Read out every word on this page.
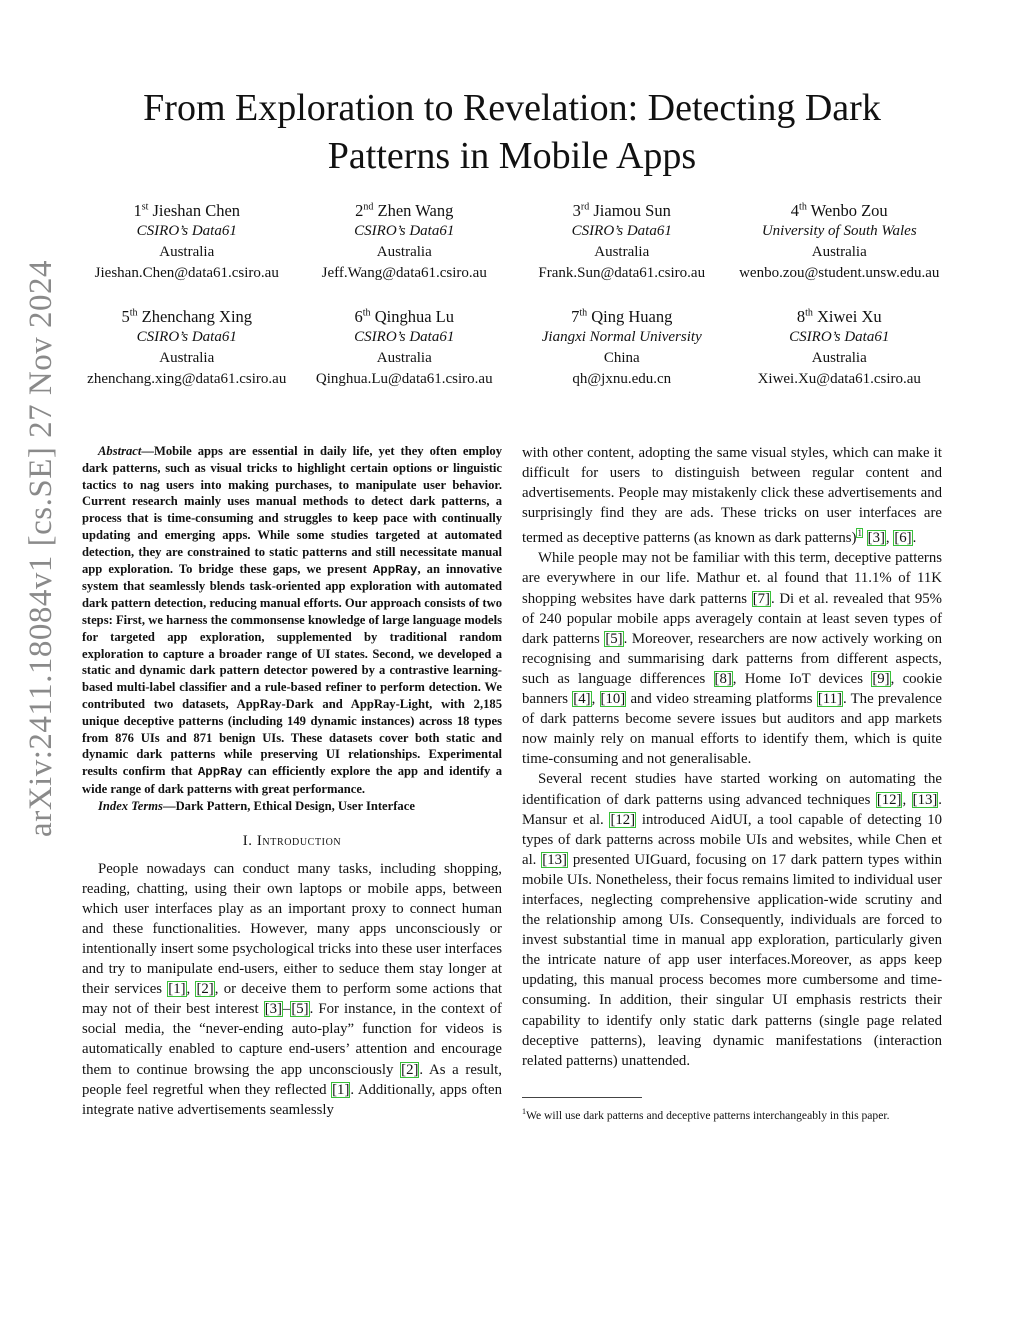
arXiv:2411.18084v1 [cs.SE] 27 Nov 2024
From Exploration to Revelation: Detecting Dark Patterns in Mobile Apps
1st Jieshan Chen
CSIRO’s Data61
Australia
Jieshan.Chen@data61.csiro.au
2nd Zhen Wang
CSIRO’s Data61
Australia
Jeff.Wang@data61.csiro.au
3rd Jiamou Sun
CSIRO’s Data61
Australia
Frank.Sun@data61.csiro.au
4th Wenbo Zou
University of South Wales
Australia
wenbo.zou@student.unsw.edu.au
5th Zhenchang Xing
CSIRO’s Data61
Australia
zhenchang.xing@data61.csiro.au
6th Qinghua Lu
CSIRO’s Data61
Australia
Qinghua.Lu@data61.csiro.au
7th Qing Huang
Jiangxi Normal University
China
qh@jxnu.edu.cn
8th Xiwei Xu
CSIRO’s Data61
Australia
Xiwei.Xu@data61.csiro.au

Abstract—Mobile apps are essential in daily life, yet they often employ dark patterns, such as visual tricks to highlight certain options or linguistic tactics to nag users into making purchases, to manipulate user behavior. Current research mainly uses manual methods to detect dark patterns, a process that is time-consuming and struggles to keep pace with continually updating and emerging apps. While some studies targeted at automated detection, they are constrained to static patterns and still necessitate manual app exploration. To bridge these gaps, we present AppRay, an innovative system that seamlessly blends task-oriented app exploration with automated dark pattern detection, reducing manual efforts. Our approach consists of two steps: First, we harness the commonsense knowledge of large language models for targeted app exploration, supplemented by traditional random exploration to capture a broader range of UI states. Second, we developed a static and dynamic dark pattern detector powered by a contrastive learning-based multi-label classifier and a rule-based refiner to perform detection. We contributed two datasets, AppRay-Dark and AppRay-Light, with 2,185 unique deceptive patterns (including 149 dynamic instances) across 18 types from 876 UIs and 871 benign UIs. These datasets cover both static and dynamic dark patterns while preserving UI relationships. Experimental results confirm that AppRay can efficiently explore the app and identify a wide range of dark patterns with great performance.

Index Terms—Dark Pattern, Ethical Design, User Interface

I. Introduction

People nowadays can conduct many tasks, including shopping, reading, chatting, using their own laptops or mobile apps, between which user interfaces play as an important proxy to connect human and these functionalities. However, many apps unconsciously or intentionally insert some psychological tricks into these user interfaces and try to manipulate end-users, either to seduce them stay longer at their services [1], [2], or deceive them to perform some actions that may not of their best interest [3]–[5]. For instance, in the context of social media, the “never-ending auto-play” function for videos is automatically enabled to capture end-users’ attention and encourage them to continue browsing the app unconsciously [2]. As a result, people feel regretful when they reflected [1]. Additionally, apps often integrate native advertisements seamlessly

with other content, adopting the same visual styles, which can make it difficult for users to distinguish between regular content and advertisements. People may mistakenly click these advertisements and surprisingly find they are ads. These tricks on user interfaces are termed as deceptive patterns (as known as dark patterns)$^1$ [3], [6].

While people may not be familiar with this term, deceptive patterns are everywhere in our life. Mathur et. al found that 11.1% of 11K shopping websites have dark patterns [7]. Di et al. revealed that 95% of 240 popular mobile apps averagely contain at least seven types of dark patterns [5]. Moreover, researchers are now actively working on recognising and summarising dark patterns from different aspects, such as language differences [8], Home IoT devices [9], cookie banners [4], [10] and video streaming platforms [11]. The prevalence of dark patterns become severe issues but auditors and app markets now mainly rely on manual efforts to identify them, which is quite time-consuming and not generalisable.

Several recent studies have started working on automating the identification of dark patterns using advanced techniques [12], [13]. Mansur et al. [12] introduced AidUI, a tool capable of detecting 10 types of dark patterns across mobile UIs and websites, while Chen et al. [13] presented UIGuard, focusing on 17 dark pattern types within mobile UIs. Nonetheless, their focus remains limited to individual user interfaces, neglecting comprehensive application-wide scrutiny and the relationship among UIs. Consequently, individuals are forced to invest substantial time in manual app exploration, particularly given the intricate nature of app user interfaces.Moreover, as apps keep updating, this manual process becomes more cumbersome and time-consuming. In addition, their singular UI emphasis restricts their capability to identify only static dark patterns (single page related deceptive patterns), leaving dynamic manifestations (interaction related patterns) unattended.

$^1$We will use dark patterns and deceptive patterns interchangeably in this paper.
